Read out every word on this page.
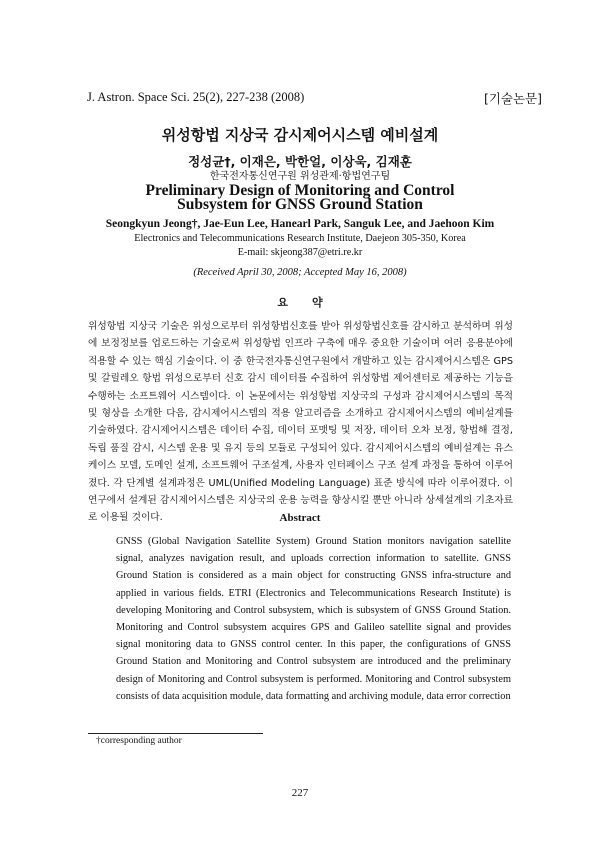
J. Astron. Space Sci. 25(2), 227-238 (2008)	[기술논문]
위성항법 지상국 감시제어시스템 예비설계
정성균†, 이재은, 박한얼, 이상욱, 김재훈
한국전자통신연구원 위성관제·항법연구팀
Preliminary Design of Monitoring and Control Subsystem for GNSS Ground Station
Seongkyun Jeong†, Jae-Eun Lee, Hanearl Park, Sanguk Lee, and Jaehoon Kim
Electronics and Telecommunications Research Institute, Daejeon 305-350, Korea
E-mail: skjeong387@etri.re.kr
(Received April 30, 2008; Accepted May 16, 2008)
요약

위성항법 지상국 기술은 위성으로부터 위성항법신호를 받아 위성항법신호를 감시하고 분석하며 위성에 보정정보를 업로드하는 기술로써 위성항법 인프라 구축에 매우 중요한 기술이며 여러 응용분야에 적용할 수 있는 핵심 기술이다. 이 중 한국전자통신연구원에서 개발하고 있는 감시제어시스템은 GPS 및 갈릴레오 항법 위성으로부터 신호 감시 데이터를 수집하여 위성항법 제어센터로 제공하는 기능을 수행하는 소프트웨어 시스템이다. 이 논문에서는 위성항법 지상국의 구성과 감시제어시스템의 목적 및 형상을 소개한 다음, 감시제어시스템의 적용 알고리즘을 소개하고 감시제어시스템의 예비설계를 기술하였다. 감시제어시스템은 데이터 수집, 데이터 포맷팅 및 저장, 데이터 오차 보정, 항법해 결정, 독립 품질 감시, 시스템 운용 및 유지 등의 모듈로 구성되어 있다. 감시제어시스템의 예비설계는 유스케이스 모델, 도메인 설계, 소프트웨어 구조설계, 사용자 인터페이스 구조 설계 과정을 통하여 이루어졌다. 각 단계별 설계과정은 UML(Unified Modeling Language) 표준 방식에 따라 이루어졌다. 이 연구에서 설계된 감시제어시스템은 지상국의 운용 능력을 향상시킬 뿐만 아니라 상세설계의 기초자료로 이용될 것이다.	Abstract

GNSS (Global Navigation Satellite System) Ground Station monitors navigation satellite signal, analyzes navigation result, and uploads correction information to satellite. GNSS Ground Station is considered as a main object for constructing GNSS infra-structure and applied in various fields. ETRI (Electronics and Telecommunications Research Institute) is developing Monitoring and Control subsystem, which is subsystem of GNSS Ground Station. Monitoring and Control subsystem acquires GPS and Galileo satellite signal and provides signal monitoring data to GNSS control center. In this paper, the configurations of GNSS Ground Station and Monitoring and Control subsystem are introduced and the preliminary design of Monitoring and Control subsystem is performed. Monitoring and Control subsystem consists of data acquisition module, data formatting and archiving module, data error correction

†corresponding author
227
